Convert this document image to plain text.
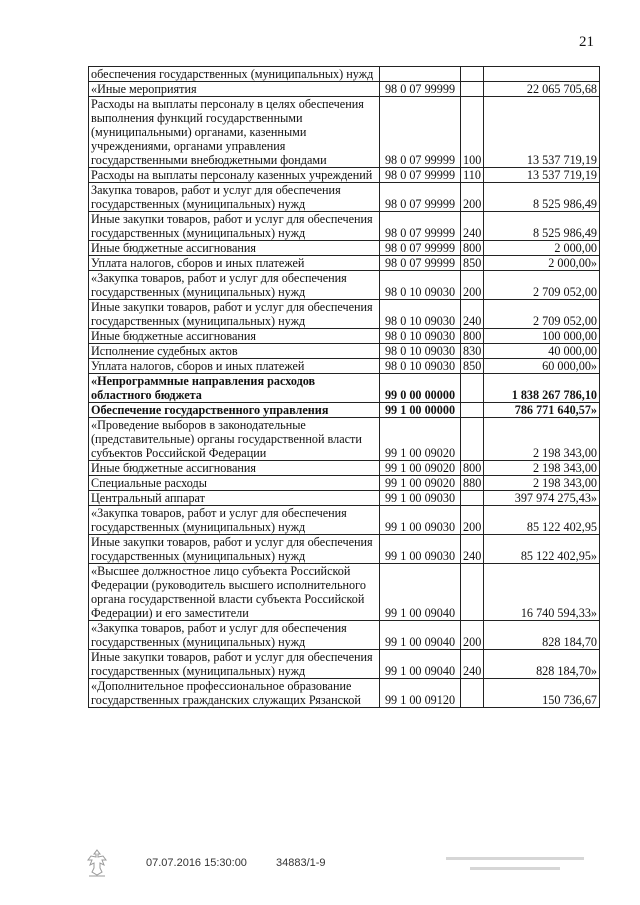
21
обеспечения государственных (муниципальных) нужд			
«Иные мероприятия	98 0 07 99999		22 065 705,68
Расходы на выплаты персоналу в целях обеспечения выполнения функций государственными (муниципальными) органами, казенными учреждениями, органами управления государственными внебюджетными фондами	98 0 07 99999	100	13 537 719,19
Расходы на выплаты персоналу казенных учреждений	98 0 07 99999	110	13 537 719,19
Закупка товаров, работ и услуг для обеспечения государственных (муниципальных) нужд	98 0 07 99999	200	8 525 986,49
Иные закупки товаров, работ и услуг для обеспечения государственных (муниципальных) нужд	98 0 07 99999	240	8 525 986,49
Иные бюджетные ассигнования	98 0 07 99999	800	2 000,00
Уплата налогов, сборов и иных платежей	98 0 07 99999	850	2 000,00»
«Закупка товаров, работ и услуг для обеспечения государственных (муниципальных) нужд	98 0 10 09030	200	2 709 052,00
Иные закупки товаров, работ и услуг для обеспечения государственных (муниципальных) нужд	98 0 10 09030	240	2 709 052,00
Иные бюджетные ассигнования	98 0 10 09030	800	100 000,00
Исполнение судебных актов	98 0 10 09030	830	40 000,00
Уплата налогов, сборов и иных платежей	98 0 10 09030	850	60 000,00»
«Непрограммные направления расходов областного бюджета	99 0 00 00000		1 838 267 786,10
Обеспечение государственного управления	99 1 00 00000		786 771 640,57»
«Проведение выборов в законодательные (представительные) органы государственной власти субъектов Российской Федерации	99 1 00 09020		2 198 343,00
Иные бюджетные ассигнования	99 1 00 09020	800	2 198 343,00
Специальные расходы	99 1 00 09020	880	2 198 343,00
Центральный аппарат	99 1 00 09030		397 974 275,43»
«Закупка товаров, работ и услуг для обеспечения государственных (муниципальных) нужд	99 1 00 09030	200	85 122 402,95
Иные закупки товаров, работ и услуг для обеспечения государственных (муниципальных) нужд	99 1 00 09030	240	85 122 402,95»
«Высшее должностное лицо субъекта Российской Федерации (руководитель высшего исполнительного органа государственной власти субъекта Российской Федерации) и его заместители	99 1 00 09040		16 740 594,33»
«Закупка товаров, работ и услуг для обеспечения государственных (муниципальных) нужд	99 1 00 09040	200	828 184,70
Иные закупки товаров, работ и услуг для обеспечения государственных (муниципальных) нужд	99 1 00 09040	240	828 184,70»
«Дополнительное профессиональное образование государственных гражданских служащих Рязанской	99 1 00 09120		150 736,67
07.07.2016 15:30:00	34883/1-9
